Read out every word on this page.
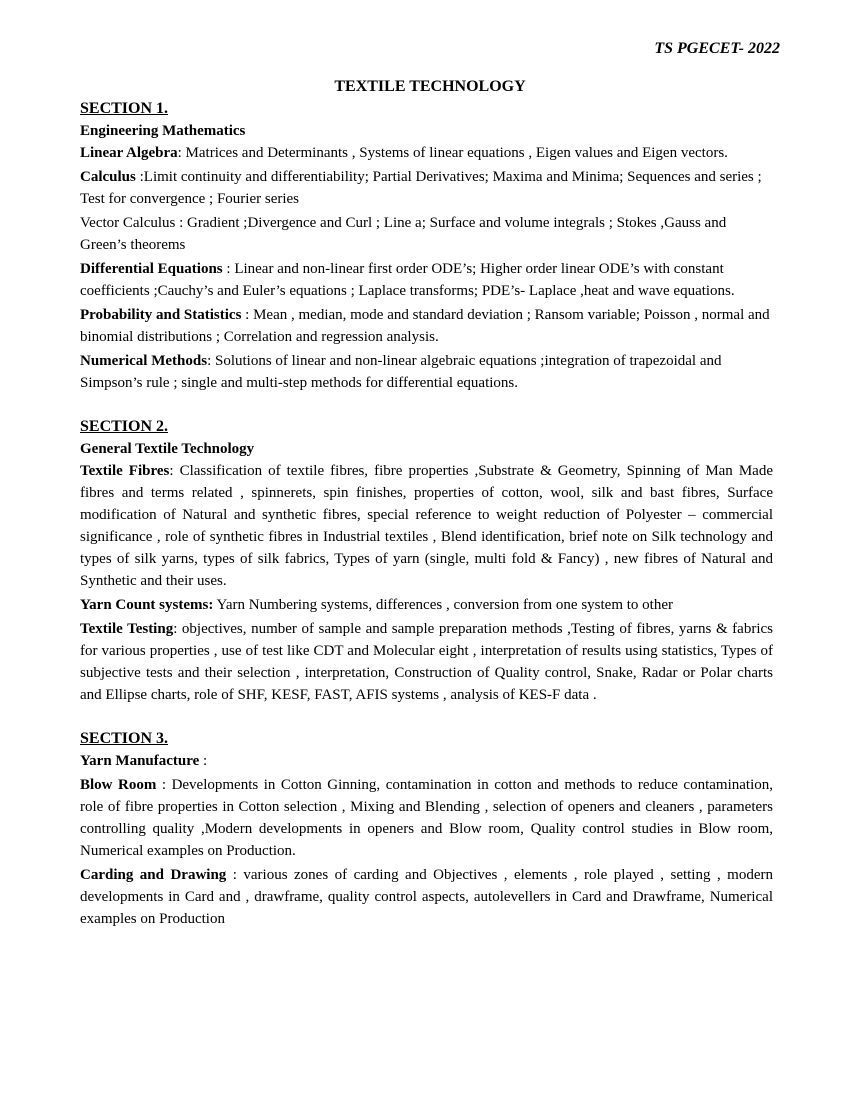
TS PGECET- 2022
TEXTILE TECHNOLOGY

SECTION 1.

Engineering Mathematics

Linear Algebra: Matrices and Determinants , Systems of linear equations , Eigen values and Eigen vectors.

Calculus :Limit continuity and differentiability; Partial Derivatives; Maxima and Minima; Sequences and series ; Test for convergence ; Fourier series

Vector Calculus : Gradient ;Divergence and Curl ; Line a; Surface and volume integrals ; Stokes ,Gauss and Green’s theorems

Differential Equations : Linear and non-linear first order ODE’s; Higher order linear ODE’s with constant coefficients ;Cauchy’s and Euler’s equations ; Laplace transforms; PDE’s- Laplace ,heat and wave equations.

Probability and Statistics : Mean , median, mode and standard deviation ; Ransom variable; Poisson , normal and binomial distributions ; Correlation and regression analysis.

Numerical Methods: Solutions of linear and non-linear algebraic equations ;integration of trapezoidal and Simpson’s rule ; single and multi-step methods for differential equations.

SECTION 2.

General Textile Technology

Textile Fibres: Classification of textile fibres, fibre properties ,Substrate & Geometry, Spinning of Man Made fibres and terms related , spinnerets, spin finishes, properties of cotton, wool, silk and bast fibres, Surface modification of Natural and synthetic fibres, special reference to weight reduction of Polyester – commercial significance , role of synthetic fibres in Industrial textiles , Blend identification, brief note on Silk technology and types of silk yarns, types of silk fabrics, Types of yarn (single, multi fold & Fancy) , new fibres of Natural and Synthetic and their uses.

Yarn Count systems: Yarn Numbering systems, differences , conversion from one system to other

Textile Testing: objectives, number of sample and sample preparation methods ,Testing of fibres, yarns & fabrics for various properties , use of test like CDT and Molecular eight , interpretation of results using statistics, Types of subjective tests and their selection , interpretation, Construction of Quality control, Snake, Radar or Polar charts and Ellipse charts, role of SHF, KESF, FAST, AFIS systems , analysis of KES-F data .

SECTION 3.

Yarn Manufacture :

Blow Room : Developments in Cotton Ginning, contamination in cotton and methods to reduce contamination, role of fibre properties in Cotton selection , Mixing and Blending , selection of openers and cleaners , parameters controlling quality ,Modern developments in openers and Blow room, Quality control studies in Blow room, Numerical examples on Production.

Carding and Drawing : various zones of carding and Objectives , elements , role played , setting , modern developments in Card and , drawframe, quality control aspects, autolevellers in Card and Drawframe, Numerical examples on Production
